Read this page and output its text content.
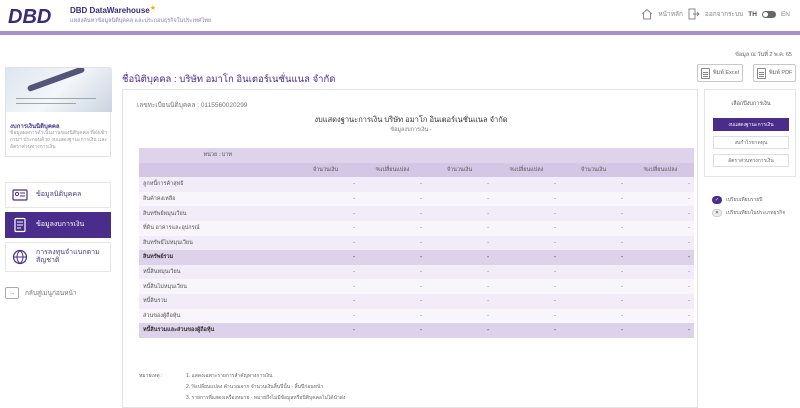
DBD DBD DataWarehouse★
แหล่งค้นหาข้อมูลนิติบุคคล และประกอบธุรกิจในประเทศไทย
หน้าหลัก	ออกจากระบบ TH	EN
ข้อมูล ณ วันที่ 2 พ.ค. 65
งบการเงินนิติบุคคล
ข้อมูลผลการดำเนินงานของนิติบุคคล ที่ส่งเข้ากรมฯ ประกอบด้วย งบแสดงฐานะการเงิน และอัตราส่วนทางการเงิน
ข้อมูลนิติบุคคล
ข้อมูลงบการเงิน
การลงทุนจำแนกตาม สัญชาติ
→	กลับสู่เมนูก่อนหน้า
ชื่อนิติบุคคล : บริษัท อมาโก อินเตอร์เนชั่นแนล จำกัด
พิมพ์ Excel	พิมพ์ PDF
เลขทะเบียนนิติบุคคล : 0115560020299
งบแสดงฐานะการเงิน บริษัท อมาโก อินเตอร์เนชั่นแนล จำกัด
ข้อมูลงบการเงิน -
หน่วย : บาท						
	จำนวนเงิน	%เปลี่ยนแปลง	จำนวนเงิน	%เปลี่ยนแปลง	จำนวนเงิน	%เปลี่ยนแปลง
ลูกหนี้การค้าสุทธิ	-	-	-	-	-	-
สินค้าคงเหลือ	-	-	-	-	-	-
สินทรัพย์หมุนเวียน	-	-	-	-	-	-
ที่ดิน อาคารและอุปกรณ์	-	-	-	-	-	-
สินทรัพย์ไม่หมุนเวียน	-	-	-	-	-	-
สินทรัพย์รวม	-	-	-	-	-	-
หนี้สินหมุนเวียน	-	-	-	-	-	-
หนี้สินไม่หมุนเวียน	-	-	-	-	-	-
หนี้สินรวม	-	-	-	-	-	-
ส่วนของผู้ถือหุ้น	-	-	-	-	-	-
หนี้สินรวมและส่วนของผู้ถือหุ้น	-	-	-	-	-	-
หมายเหตุ :	1. แสดงเฉพาะรายการสำคัญทางการเงิน
2. %เปลี่ยนแปลง คำนวณจาก จำนวนเงินสิ้นปีนั้น - สิ้นปีก่อนหน้า
3. รายการที่แสดงเครื่องหมาย - หมายถึงไม่มีข้อมูลหรือนิติบุคคลไม่ได้นำส่ง
เลือกปีงบการเงิน
งบแสดงฐานะการเงิน
งบกำไรขาดทุน
อัตราส่วนทางการเงิน
✓	เปรียบเทียบรายปี
✕	เปรียบเทียบในประเภทธุรกิจ
